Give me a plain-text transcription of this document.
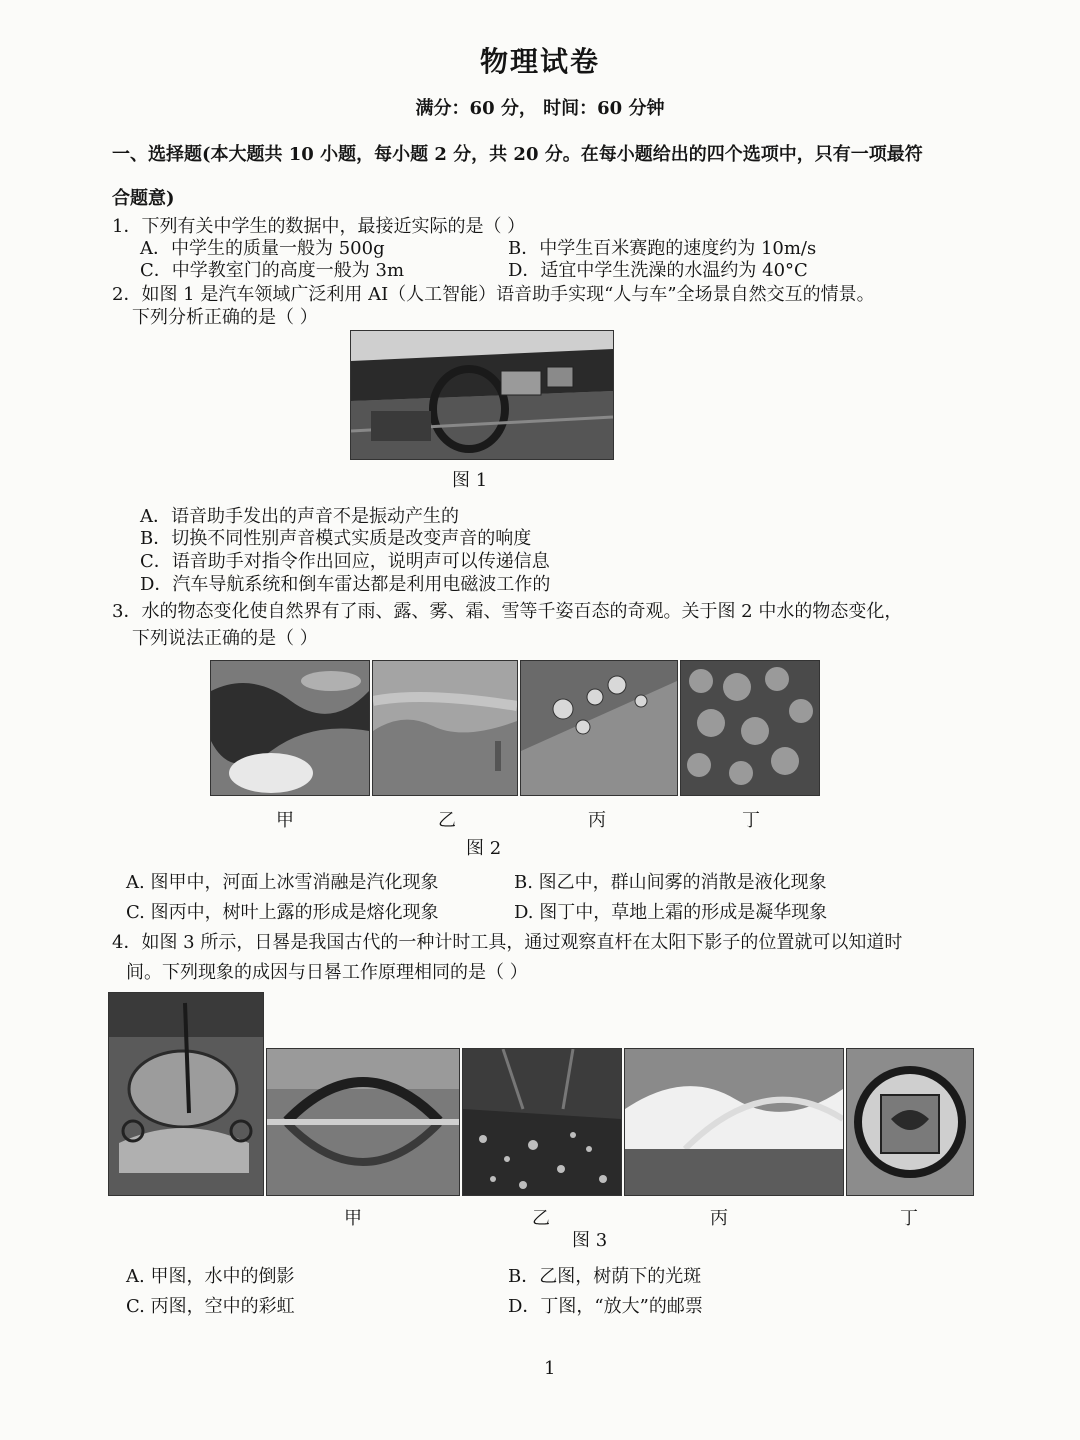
物理试卷
满分：60 分， 时间：60 分钟
一、选择题(本大题共 10 小题，每小题 2 分，共 20 分。在每小题给出的四个选项中，只有一项最符
合题意)
1．下列有关中学生的数据中，最接近实际的是（ ）
A．中学生的质量一般为 500g	B．中学生百米赛跑的速度约为 10m/s
C．中学教室门的高度一般为 3m	D．适宜中学生洗澡的水温约为 40°C
2．如图 1 是汽车领域广泛利用 AI（人工智能）语音助手实现“人与车”全场景自然交互的情景。
下列分析正确的是（ ）
图 1
A．语音助手发出的声音不是振动产生的
B．切换不同性别声音模式实质是改变声音的响度
C．语音助手对指令作出回应，说明声可以传递信息
D．汽车导航系统和倒车雷达都是利用电磁波工作的
3．水的物态变化使自然界有了雨、露、雾、霜、雪等千姿百态的奇观。关于图 2 中水的物态变化，
下列说法正确的是（ ）
甲	乙	丙	丁
图 2
A. 图甲中，河面上冰雪消融是汽化现象	B. 图乙中，群山间雾的消散是液化现象
C. 图丙中，树叶上露的形成是熔化现象	D. 图丁中，草地上霜的形成是凝华现象
4．如图 3 所示，日晷是我国古代的一种计时工具，通过观察直杆在太阳下影子的位置就可以知道时
间。下列现象的成因与日晷工作原理相同的是（ ）
甲	乙	丙	丁
图 3
A. 甲图，水中的倒影	B．乙图，树荫下的光斑
C. 丙图，空中的彩虹	D．丁图，“放大”的邮票
1
